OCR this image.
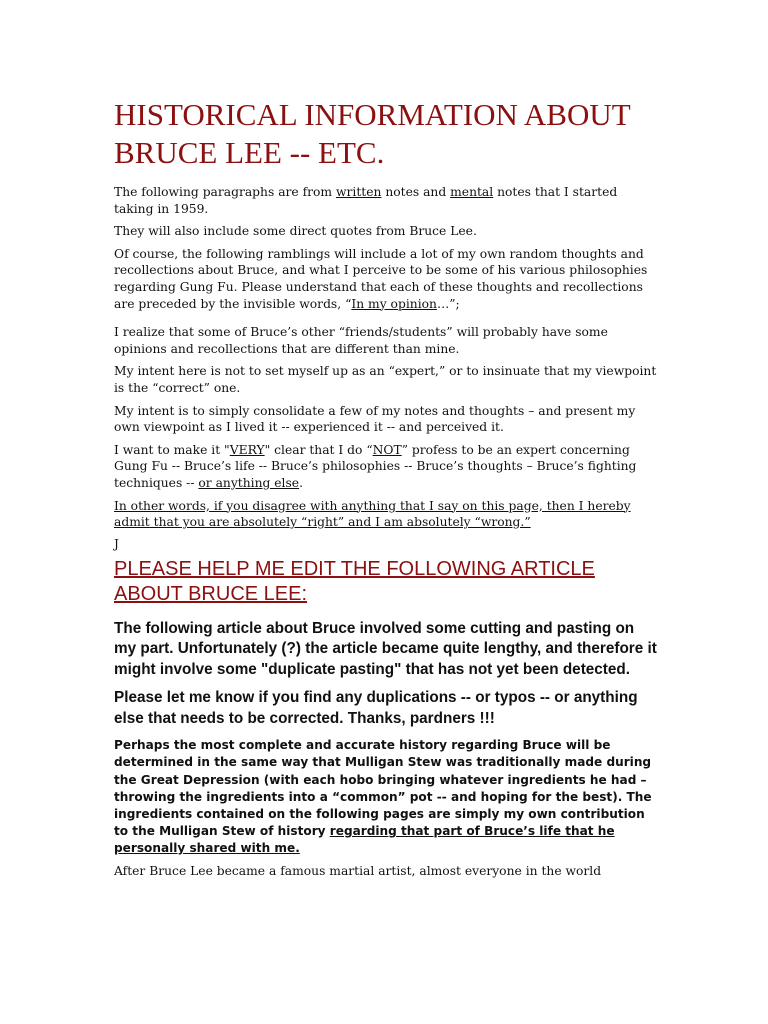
HISTORICAL INFORMATION ABOUT BRUCE LEE -- ETC.

The following paragraphs are from written notes and mental notes that I started taking in 1959.

They will also include some direct quotes from Bruce Lee.

Of course, the following ramblings will include a lot of my own random thoughts and recollections about Bruce, and what I perceive to be some of his various philosophies regarding Gung Fu. Please understand that each of these thoughts and recollections are preceded by the invisible words, “In my opinion…”;

I realize that some of Bruce’s other “friends/students” will probably have some opinions and recollections that are different than mine.

My intent here is not to set myself up as an “expert,” or to insinuate that my viewpoint is the “correct” one.

My intent is to simply consolidate a few of my notes and thoughts – and present my own viewpoint as I lived it -- experienced it -- and perceived it.

I want to make it "VERY" clear that I do “NOT” profess to be an expert concerning Gung Fu -- Bruce’s life -- Bruce’s philosophies -- Bruce’s thoughts – Bruce’s fighting techniques -- or anything else.

In other words, if you disagree with anything that I say on this page, then I hereby admit that you are absolutely “right” and I am absolutely “wrong.”

J

PLEASE HELP ME EDIT THE FOLLOWING ARTICLE ABOUT BRUCE LEE:

The following article about Bruce involved some cutting and pasting on my part. Unfortunately (?) the article became quite lengthy, and therefore it might involve some "duplicate pasting" that has not yet been detected.

Please let me know if you find any duplications -- or typos -- or anything else that needs to be corrected. Thanks, pardners !!!

Perhaps the most complete and accurate history regarding Bruce will be determined in the same way that Mulligan Stew was traditionally made during the Great Depression (with each hobo bringing whatever ingredients he had – throwing the ingredients into a “common” pot -- and hoping for the best). The ingredients contained on the following pages are simply my own contribution to the Mulligan Stew of history regarding that part of Bruce’s life that he personally shared with me.

After Bruce Lee became a famous martial artist, almost everyone in the world
